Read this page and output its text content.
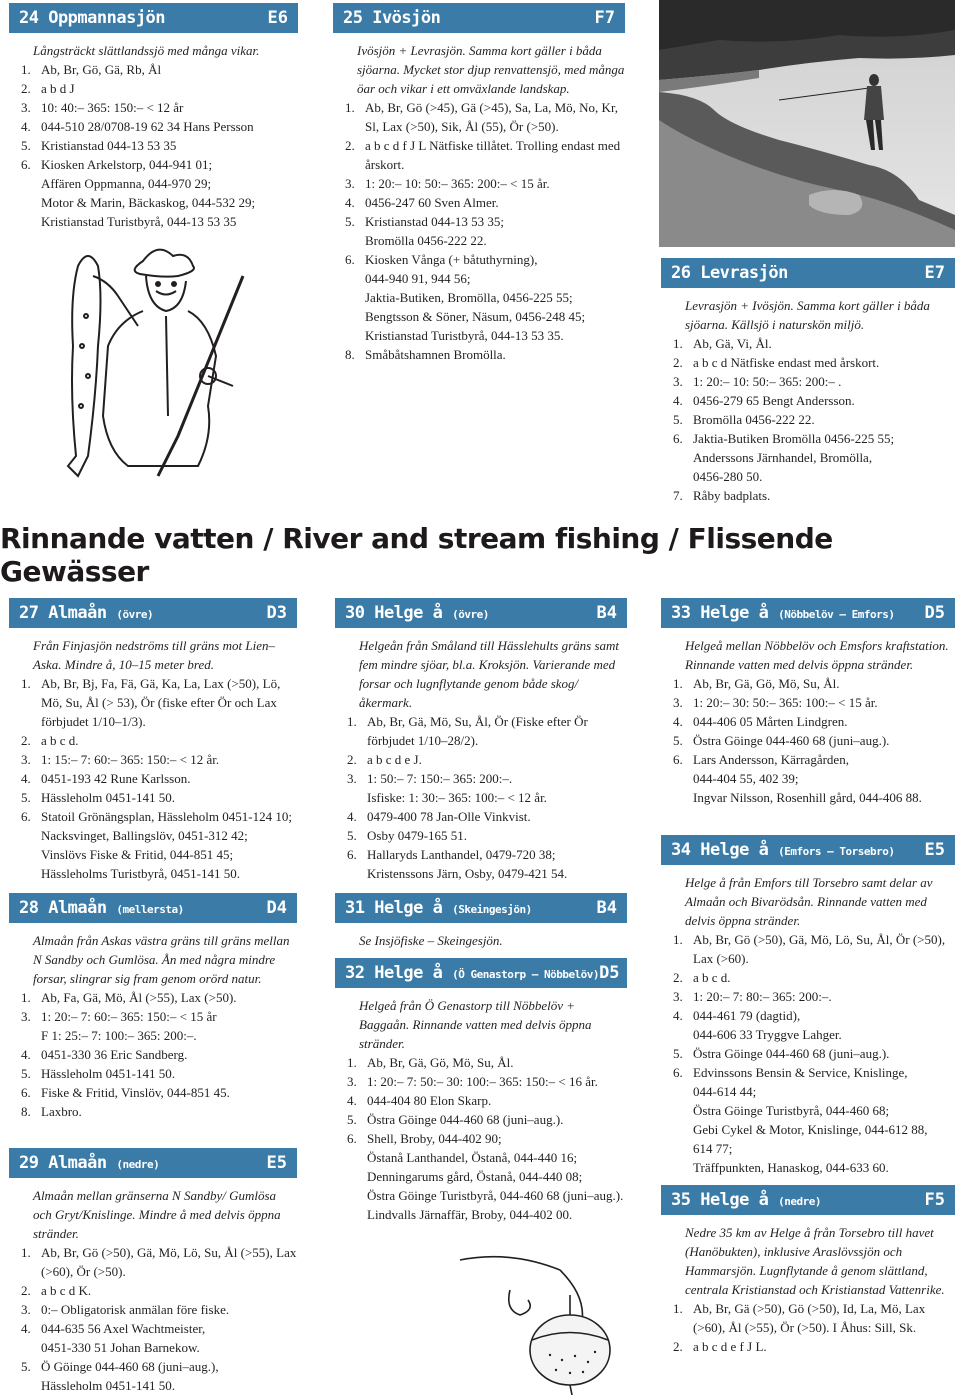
24 Oppmannasjön	E6
Långsträckt slättlandssjö med många vikar.
1. Ab, Br, Gö, Gä, Rb, Ål
2. a b d J
3. 10: 40:– 365: 150:– < 12 år
4. 044-510 28/0708-19 62 34 Hans Persson
5. Kristianstad 044-13 53 35
6. Kiosken Arkelstorp, 044-941 01;
Affären Oppmanna, 044-970 29;
Motor & Marin, Bäckaskog, 044-532 29;
Kristianstad Turistbyrå, 044-13 53 35
25 Ivösjön	F7
Ivösjön + Levrasjön. Samma kort gäller i båda sjöarna. Mycket stor djup renvattensjö, med många öar och vikar i ett omväxlande landskap.
1. Ab, Br, Gö (>45), Gä (>45), Sa, La, Mö, No, Kr, Sl, Lax (>50), Sik, Ål (55), Ör (>50).
2. a b c d f J L Nätfiske tillåtet. Trolling endast med årskort.
3. 1: 20:– 10: 50:– 365: 200:– < 15 år.
4. 0456-247 60 Sven Almer.
5. Kristianstad 044-13 53 35;
Bromölla 0456-222 22.
6. Kiosken Vånga (+ båtuthyrning),
044-940 91, 944 56;
Jaktia-Butiken, Bromölla, 0456-225 55;
Bengtsson & Söner, Näsum, 0456-248 45;
Kristianstad Turistbyrå, 044-13 53 35.
8. Småbåtshamnen Bromölla.
26 Levrasjön	E7
Levrasjön + Ivösjön. Samma kort gäller i båda sjöarna. Källsjö i naturskön miljö.
1. Ab, Gä, Vi, Ål.
2. a b c d Nätfiske endast med årskort.
3. 1: 20:– 10: 50:– 365: 200:– .
4. 0456-279 65 Bengt Andersson.
5. Bromölla 0456-222 22.
6. Jaktia-Butiken Bromölla 0456-225 55;
Anderssons Järnhandel, Bromölla,
0456-280 50.
7. Råby badplats.
Rinnande vatten / River and stream fishing / Flissende Gewässer
27 Almaån (övre)	D3
Från Finjasjön nedströms till gräns mot Lien–Aska. Mindre å, 10–15 meter bred.
1. Ab, Br, Bj, Fa, Fä, Gä, Ka, La, Lax (>50), Lö, Mö, Su, Ål (> 53), Ör (fiske efter Ör och Lax förbjudet 1/10–1/3).
2. a b c d.
3. 1: 15:– 7: 60:– 365: 150:– < 12 år.
4. 0451-193 42 Rune Karlsson.
5. Hässleholm 0451-141 50.
6. Statoil Grönängsplan, Hässleholm 0451-124 10;
Nacksvinget, Ballingslöv, 0451-312 42;
Vinslövs Fiske & Fritid, 044-851 45;
Hässleholms Turistbyrå, 0451-141 50.
28 Almaån (mellersta)	D4
Almaån från Askas västra gräns till gräns mellan N Sandby och Gumlösa. Ån med några mindre forsar, slingrar sig fram genom orörd natur.
1. Ab, Fa, Gä, Mö, Ål (>55), Lax (>50).
3. 1: 20:– 7: 60:– 365: 150:– < 15 år
F 1: 25:– 7: 100:– 365: 200:–.
4. 0451-330 36 Eric Sandberg.
5. Hässleholm 0451-141 50.
6. Fiske & Fritid, Vinslöv, 044-851 45.
8. Laxbro.
29 Almaån (nedre)	E5
Almaån mellan gränserna N Sandby/ Gumlösa och Gryt/Knislinge. Mindre å med delvis öppna stränder.
1. Ab, Br, Gö (>50), Gä, Mö, Lö, Su, Ål (>55), Lax (>60), Ör (>50).
2. a b c d K.
3. 0:– Obligatorisk anmälan före fiske.
4. 044-635 56 Axel Wachtmeister,
0451-330 51 Johan Barnekow.
5. Ö Göinge 044-460 68 (juni–aug.),
Hässleholm 0451-141 50.
30 Helge å (övre)	B4
Helgeån från Småland till Hässlehults gräns samt fem mindre sjöar, bl.a. Kroksjön. Varierande med forsar och lugnflytande genom både skog/åkermark.
1. Ab, Br, Gä, Mö, Su, Ål, Ör (Fiske efter Ör förbjudet 1/10–28/2).
2. a b c d e J.
3. 1: 50:– 7: 150:– 365: 200:–.
Isfiske: 1: 30:– 365: 100:– < 12 år.
4. 0479-400 78 Jan-Olle Vinkvist.
5. Osby 0479-165 51.
6. Hallaryds Lanthandel, 0479-720 38;
Kristenssons Järn, Osby, 0479-421 54.
31 Helge å (Skeingesjön)	B4
Se Insjöfiske – Skeingesjön.
32 Helge å (Ö Genastorp – Nöbbelöv) D5
Helgeå från Ö Genastorp till Nöbbelöv + Baggaån. Rinnande vatten med delvis öppna stränder.
1. Ab, Br, Gä, Gö, Mö, Su, Ål.
3. 1: 20:– 7: 50:– 30: 100:– 365: 150:– < 16 år.
4. 044-404 80 Elon Skarp.
5. Östra Göinge 044-460 68 (juni–aug.).
6. Shell, Broby, 044-402 90;
Östanå Lanthandel, Östanå, 044-440 16;
Denningarums gård, Östanå, 044-440 08;
Östra Göinge Turistbyrå, 044-460 68 (juni–aug.).
Lindvalls Järnaffär, Broby, 044-402 00.
33 Helge å (Nöbbelöv – Emfors) D5
Helgeå mellan Nöbbelöv och Emsfors kraftstation. Rinnande vatten med delvis öppna stränder.
1. Ab, Br, Gä, Gö, Mö, Su, Ål.
3. 1: 20:– 30: 50:– 365: 100:– < 15 år.
4. 044-406 05 Mårten Lindgren.
5. Östra Göinge 044-460 68 (juni–aug.).
6. Lars Andersson, Kärragården,
044-404 55, 402 39;
Ingvar Nilsson, Rosenhill gård, 044-406 88.
34 Helge å (Emfors – Torsebro) E5
Helge å från Emfors till Torsebro samt delar av Almaån och Bivarödsån. Rinnande vatten med delvis öppna stränder.
1. Ab, Br, Gö (>50), Gä, Mö, Lö, Su, Ål, Ör (>50), Lax (>60).
2. a b c d.
3. 1: 20:– 7: 80:– 365: 200:–.
4. 044-461 79 (dagtid),
044-606 33 Tryggve Lahger.
5. Östra Göinge 044-460 68 (juni–aug.).
6. Edvinssons Bensin & Service, Knislinge,
044-614 44;
Östra Göinge Turistbyrå, 044-460 68;
Gebi Cykel & Motor, Knislinge, 044-612 88,
614 77;
Träffpunkten, Hanaskog, 044-633 60.
35 Helge å (nedre)	F5
Nedre 35 km av Helge å från Torsebro till havet (Hanöbukten), inklusive Araslövssjön och Hammarsjön. Lugnflytande å genom slättland, centrala Kristianstad och Kristianstad Vattenrike.
1. Ab, Br, Gä (>50), Gö (>50), Id, La, Mö, Lax (>60), Ål (>55), Ör (>50). I Åhus: Sill, Sk.
2. a b c d e f J L.
